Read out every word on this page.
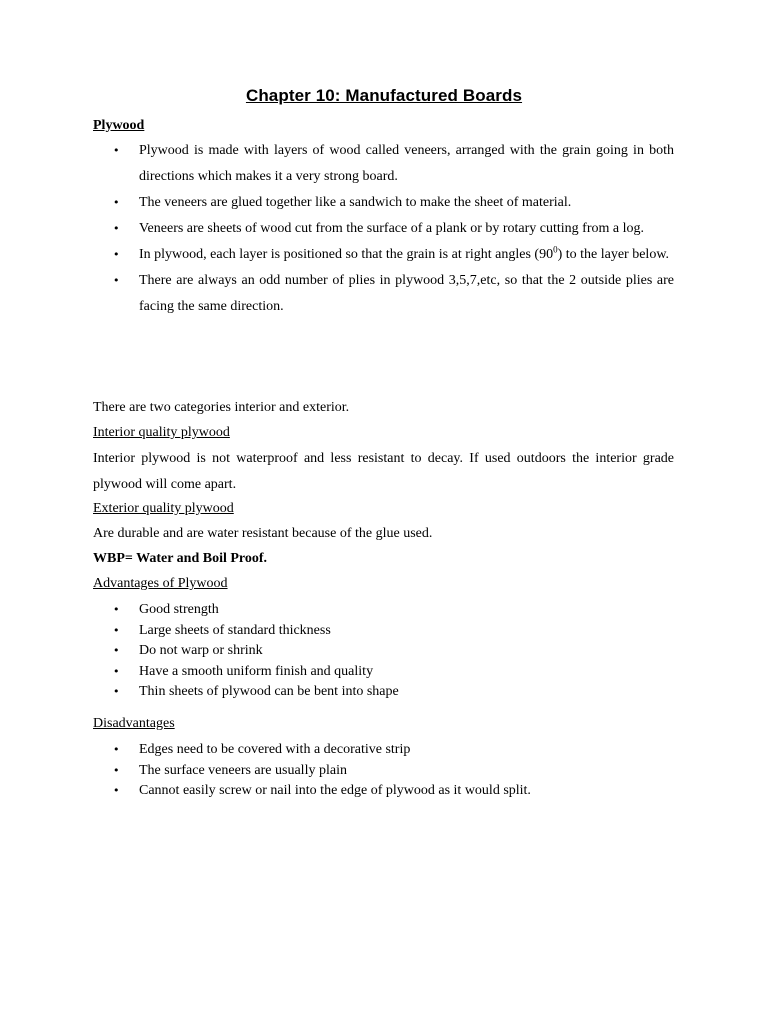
Chapter 10: Manufactured Boards

Plywood

• Plywood is made with layers of wood called veneers, arranged with the grain going in both directions which makes it a very strong board.
• The veneers are glued together like a sandwich to make the sheet of material.
• Veneers are sheets of wood cut from the surface of a plank or by rotary cutting from a log.
• In plywood, each layer is positioned so that the grain is at right angles $(90^0)$ to the layer below.
• There are always an odd number of plies in plywood 3,5,7,etc, so that the 2 outside plies are facing the same direction.

There are two categories interior and exterior.

Interior quality plywood

Interior plywood is not waterproof and less resistant to decay. If used outdoors the interior grade plywood will come apart.

Exterior quality plywood

Are durable and are water resistant because of the glue used.

WBP= Water and Boil Proof.

Advantages of Plywood

• Good strength
• Large sheets of standard thickness
• Do not warp or shrink
• Have a smooth uniform finish and quality
• Thin sheets of plywood can be bent into shape

Disadvantages

• Edges need to be covered with a decorative strip
• The surface veneers are usually plain
• Cannot easily screw or nail into the edge of plywood as it would split.
